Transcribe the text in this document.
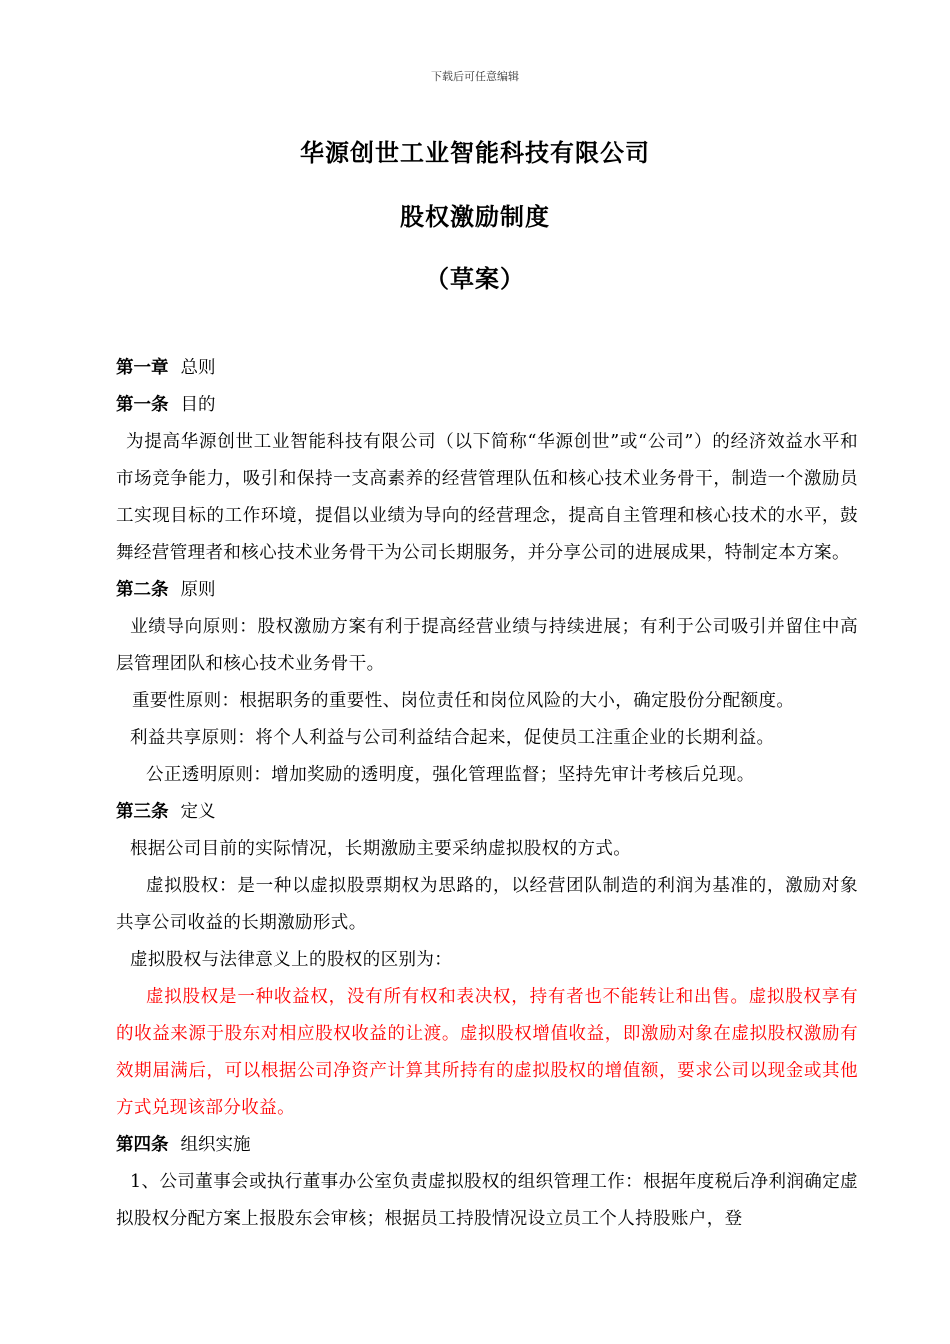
下载后可任意编辑
华源创世工业智能科技有限公司
股权激励制度
（草案）
第一章 总则
第一条 目的

为提高华源创世工业智能科技有限公司（以下简称“华源创世”或“公司”）的经济效益水平和市场竞争能力，吸引和保持一支高素养的经营管理队伍和核心技术业务骨干，制造一个激励员工实现目标的工作环境，提倡以业绩为导向的经营理念，提高自主管理和核心技术的水平，鼓舞经营管理者和核心技术业务骨干为公司长期服务，并分享公司的进展成果，特制定本方案。

第二条 原则

业绩导向原则：股权激励方案有利于提高经营业绩与持续进展；有利于公司吸引并留住中高层管理团队和核心技术业务骨干。

重要性原则：根据职务的重要性、岗位责任和岗位风险的大小，确定股份分配额度。

利益共享原则：将个人利益与公司利益结合起来，促使员工注重企业的长期利益。

公正透明原则：增加奖励的透明度，强化管理监督；坚持先审计考核后兑现。

第三条 定义

根据公司目前的实际情况，长期激励主要采纳虚拟股权的方式。

虚拟股权：是一种以虚拟股票期权为思路的，以经营团队制造的利润为基准的，激励对象共享公司收益的长期激励形式。

虚拟股权与法律意义上的股权的区别为：

虚拟股权是一种收益权，没有所有权和表决权，持有者也不能转让和出售。虚拟股权享有的收益来源于股东对相应股权收益的让渡。虚拟股权增值收益，即激励对象在虚拟股权激励有效期届满后，可以根据公司净资产计算其所持有的虚拟股权的增值额，要求公司以现金或其他方式兑现该部分收益。

第四条 组织实施

1、公司董事会或执行董事办公室负责虚拟股权的组织管理工作：根据年度税后净利润确定虚拟股权分配方案上报股东会审核；根据员工持股情况设立员工个人持股账户，登
